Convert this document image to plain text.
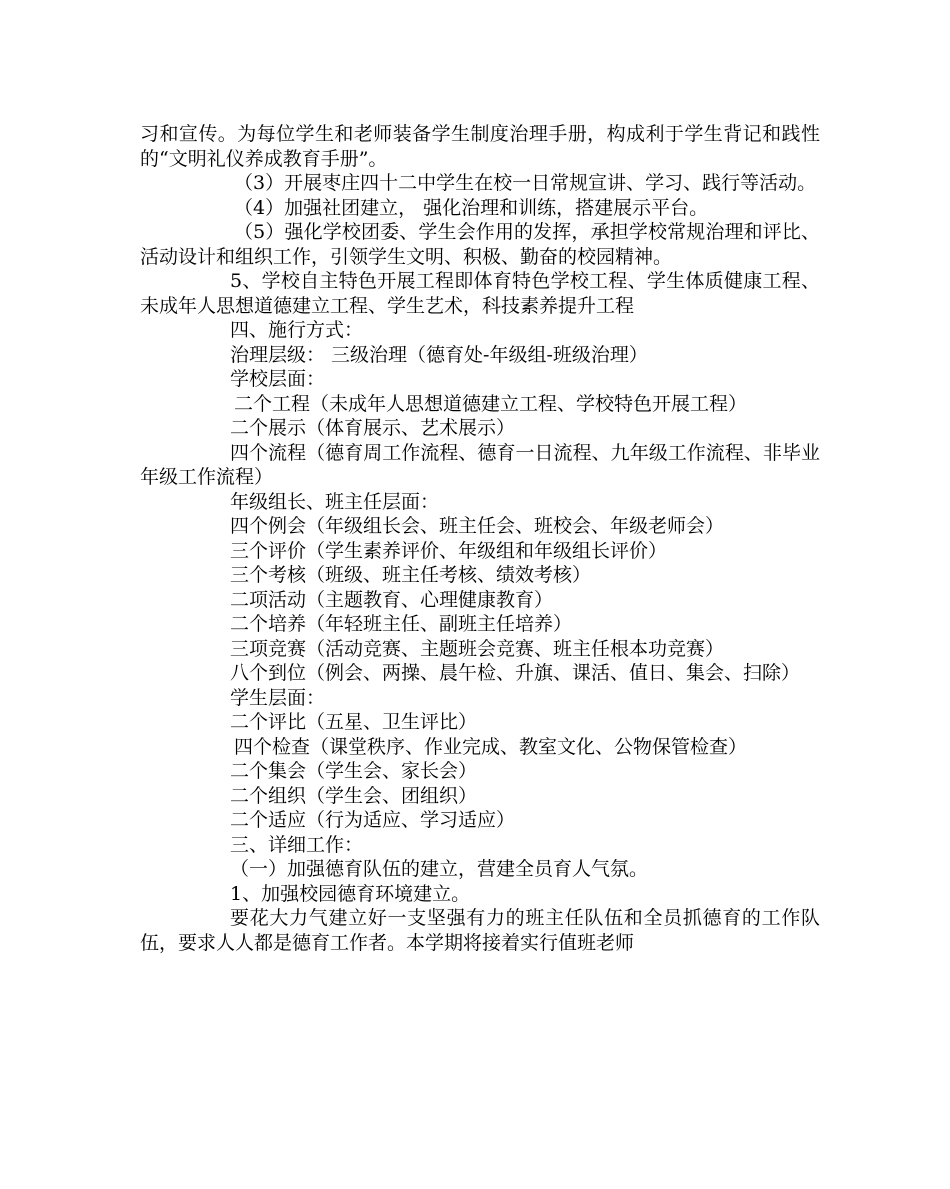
习和宣传。为每位学生和老师装备学生制度治理手册，构成利于学生背记和践性的“文明礼仪养成教育手册”。

（3）开展枣庄四十二中学生在校一日常规宣讲、学习、践行等活动。

（4）加强社团建立， 强化治理和训练，搭建展示平台。

（5）强化学校团委、学生会作用的发挥，承担学校常规治理和评比、活动设计和组织工作，引领学生文明、积极、勤奋的校园精神。

5、学校自主特色开展工程即体育特色学校工程、学生体质健康工程、未成年人思想道德建立工程、学生艺术，科技素养提升工程

四、施行方式：

治理层级： 三级治理（德育处-年级组-班级治理）

学校层面：

二个工程（未成年人思想道德建立工程、学校特色开展工程）

二个展示（体育展示、艺术展示）

四个流程（德育周工作流程、德育一日流程、九年级工作流程、非毕业年级工作流程）

年级组长、班主任层面：

四个例会（年级组长会、班主任会、班校会、年级老师会）

三个评价（学生素养评价、年级组和年级组长评价）

三个考核（班级、班主任考核、绩效考核）

二项活动（主题教育、心理健康教育）

二个培养（年轻班主任、副班主任培养）

三项竞赛（活动竞赛、主题班会竞赛、班主任根本功竞赛）

八个到位（例会、两操、晨午检、升旗、课活、值日、集会、扫除）

学生层面：

二个评比（五星、卫生评比）

四个检查（课堂秩序、作业完成、教室文化、公物保管检查）

二个集会（学生会、家长会）

二个组织（学生会、团组织）

二个适应（行为适应、学习适应）

三、详细工作：

（一）加强德育队伍的建立，营建全员育人气氛。

1、加强校园德育环境建立。

要花大力气建立好一支坚强有力的班主任队伍和全员抓德育的工作队伍，要求人人都是德育工作者。本学期将接着实行值班老师
